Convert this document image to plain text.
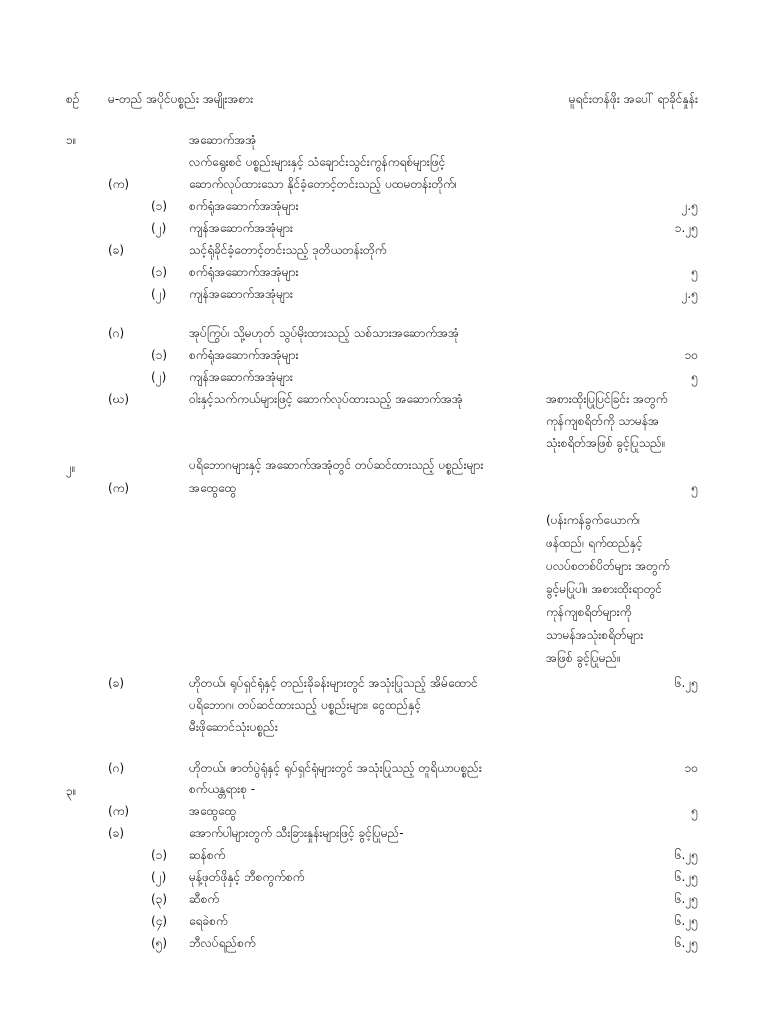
စဉ် မ-တည် အပိုင်ပစ္စည်း အမျိုးအစား	မူရင်းတန်ဖိုး အပေါ် ရာခိုင်နှုန်း
၁။	အဆောက်အအုံ
လက်ရွေးစင် ပစ္စည်းများနှင့် သံချောင်းသွင်းကွန်ကရစ်များဖြင့်
(က)	ဆောက်လုပ်ထားသော နိုင်ခံ့တောင့်တင်းသည့် ပထမတန်းတိုက်၊
(၁) စက်ရုံအဆောက်အအုံများ	၂.၅
(၂) ကျန်အဆောက်အအုံများ	၁.၂၅
(ခ)	သင့်ရုံခိုင်ခံ့တောင့်တင်းသည့် ဒုတိယတန်းတိုက်
(၁) စက်ရုံအဆောက်အအုံများ	၅
(၂) ကျန်အဆောက်အအုံများ	၂.၅
(ဂ)	အုပ်ကြွပ်၊ သို့မဟုတ် သွပ်မိုးထားသည့် သစ်သားအဆောက်အအုံ
(၁) စက်ရုံအဆောက်အအုံများ	၁၀
(၂) ကျန်အဆောက်အအုံများ	၅
(ဃ)	ဝါးနှင့်သက်ကယ်များဖြင့် ဆောက်လုပ်ထားသည့် အဆောက်အအုံ	အစားထိုးပြုပြင်ခြင်း အတွက်
ကုန်ကျစရိတ်ကို သာမန်အ
သုံးစရိတ်အဖြစ် ခွင့်ပြုသည်။
၂။	ပရိဘောဂများနှင့် အဆောက်အအုံတွင် တပ်ဆင်ထားသည့် ပစ္စည်းများ
(က)	အထွေထွေ	၅
(ပန်းကန်ခွက်ယောက်၊
ဖန်ထည်၊ ရက်ထည်နှင့်
ပလပ်စတစ်ပိတ်များ အတွက်
ခွင့်မပြုပါ။ အစားထိုးရာတွင်
ကုန်ကျစရိတ်များကို
သာမန်အသုံးစရိတ်များ
အဖြစ် ခွင့်ပြုမည်။
(ခ)	ဟိုတယ်၊ ရုပ်ရှင်ရုံနှင့် တည်းခိုခန်းများတွင် အသုံးပြုသည့် အိမ်ထောင်	၆.၂၅
ပရိဘောဂ၊ တပ်ဆင်ထားသည့် ပစ္စည်းများ၊ ငွေထည်နှင့်
မီးဖိုဆောင်သုံးပစ္စည်း
(ဂ)	ဟိုတယ်၊ ဇာတ်ပွဲရုံနှင့် ရုပ်ရှင်ရုံများတွင် အသုံးပြုသည့် တူရိယာပစ္စည်း	၁၀
၃။	စက်ယန္တရားစု -
(က)	အထွေထွေ	၅
(ခ)	အောက်ပါများတွက် သီးခြားနှုန်းများဖြင့် ခွင့်ပြုမည်-
(၁) ဆန်စက်	၆.၂၅
(၂) မုန့်ဖုတ်ဖိုနှင့် ဘီစကွက်စက်	၆.၂၅
(၃) ဆီစက်	၆.၂၅
(၄) ရေခဲစက်	၆.၂၅
(၅) ဘီလပ်ရည်စက်	၆.၂၅
